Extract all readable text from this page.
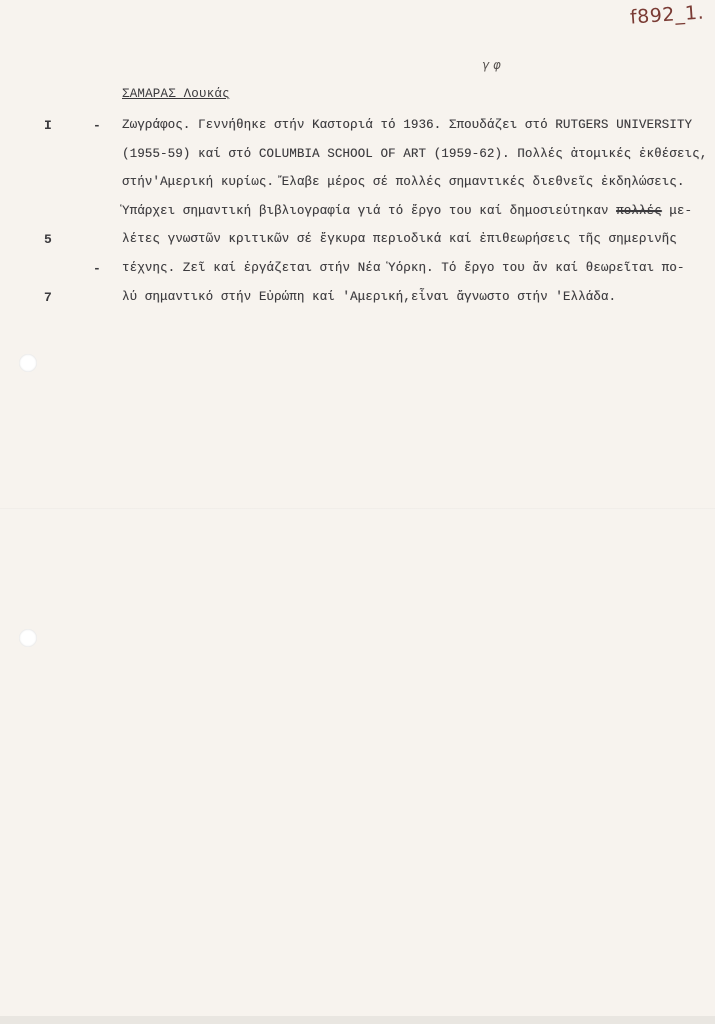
f892_1.
γ φ
ΣΑΜΑΡΑΣ Λουκάς
I	-
5
-
7
Ζωγράφος. Γεννήθηκε στήν Καστοριά τό 1936. Σπουδάζει στό RUTGERS UNIVERSITY
(1955-59) καί στό COLUMBIA SCHOOL OF ART (1959-62). Πολλές ἀτομικές ἐκθέσεις,
στήν'Αμερική κυρίως. Ἔλαβε μέρος σέ πολλές σημαντικές διεθνεῖς ἐκδηλώσεις.
Ὑπάρχει σημαντική βιβλιογραφία γιά τό ἔργο του καί δημοσιεύτηκαν πολλές με-
λέτες γνωστῶν κριτικῶν σέ ἔγκυρα περιοδικά καί ἐπιθεωρήσεις τῆς σημερινῆς
τέχνης. Ζεῖ καί ἐργάζεται στήν Νέα Ὑόρκη. Τό ἔργο του ἄν καί θεωρεῖται πο-
λύ σημαντικό στήν Εὐρώπη καί 'Αμερική,εἶναι ἄγνωστο στήν 'Ελλάδα.
